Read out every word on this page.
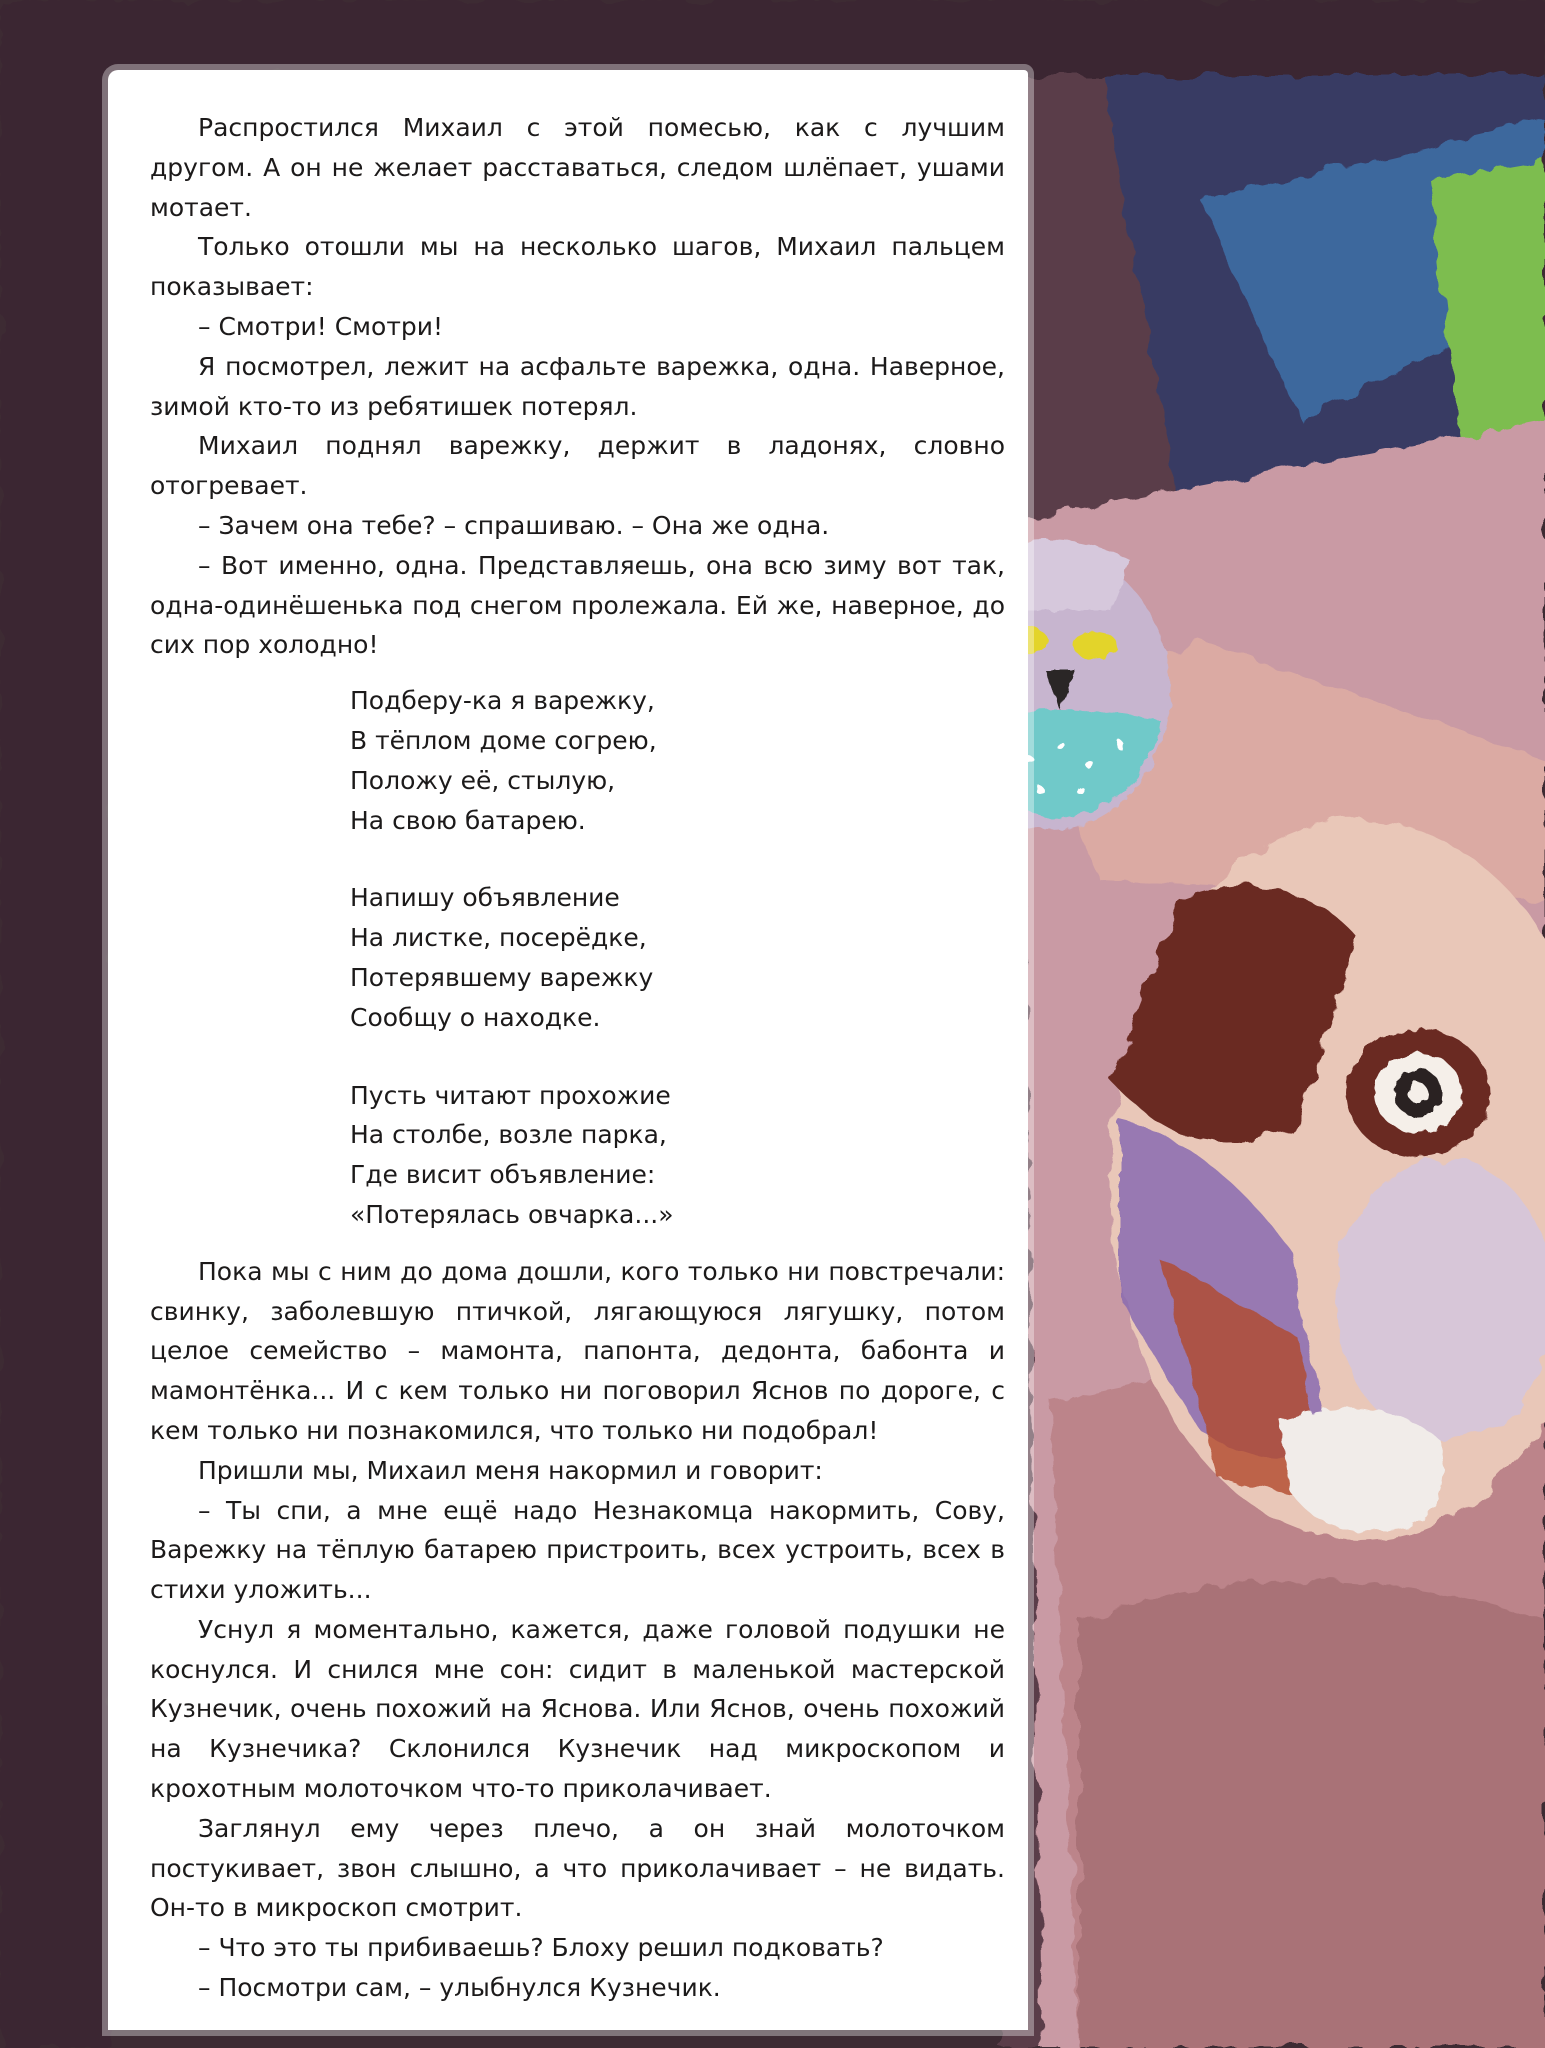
Распростился Михаил с этой помесью, как с лучшим другом. А он не желает расставаться, следом шлёпает, ушами мотает.

Только отошли мы на несколько шагов, Михаил пальцем показывает:

– Смотри! Смотри!

Я посмотрел, лежит на асфальте варежка, одна. Наверное, зимой кто-то из ребятишек потерял.

Михаил поднял варежку, держит в ладонях, словно отогревает.

– Зачем она тебе? – спрашиваю. – Она же одна.

– Вот именно, одна. Представляешь, она всю зиму вот так, одна-одинёшенька под снегом пролежала. Ей же, наверное, до сих пор холодно!

Подберу-ка я варежку,
В тёплом доме согрею,
Положу её, стылую,
На свою батарею.
Напишу объявление
На листке, посерёдке,
Потерявшему варежку
Сообщу о находке.
Пусть читают прохожие
На столбе, возле парка,
Где висит объявление:
«Потерялась овчарка...»

Пока мы с ним до дома дошли, кого только ни повстречали: свинку, заболевшую птичкой, лягающуюся лягушку, потом целое семейство – мамонта, папонта, дедонта, бабонта и мамонтёнка... И с кем только ни поговорил Яснов по дороге, с кем только ни познакомился, что только ни подобрал!

Пришли мы, Михаил меня накормил и говорит:

– Ты спи, а мне ещё надо Незнакомца накормить, Сову, Варежку на тёплую батарею пристроить, всех устроить, всех в стихи уложить...

Уснул я моментально, кажется, даже головой подушки не коснулся. И снился мне сон: сидит в маленькой мастерской Кузнечик, очень похожий на Яснова. Или Яснов, очень похожий на Кузнечика? Склонился Кузнечик над микроскопом и крохотным молоточком что-то приколачивает.

Заглянул ему через плечо, а он знай молоточком постукивает, звон слышно, а что приколачивает – не видать. Он-то в микроскоп смотрит.

– Что это ты прибиваешь? Блоху решил подковать?

– Посмотри сам, – улыбнулся Кузнечик.
